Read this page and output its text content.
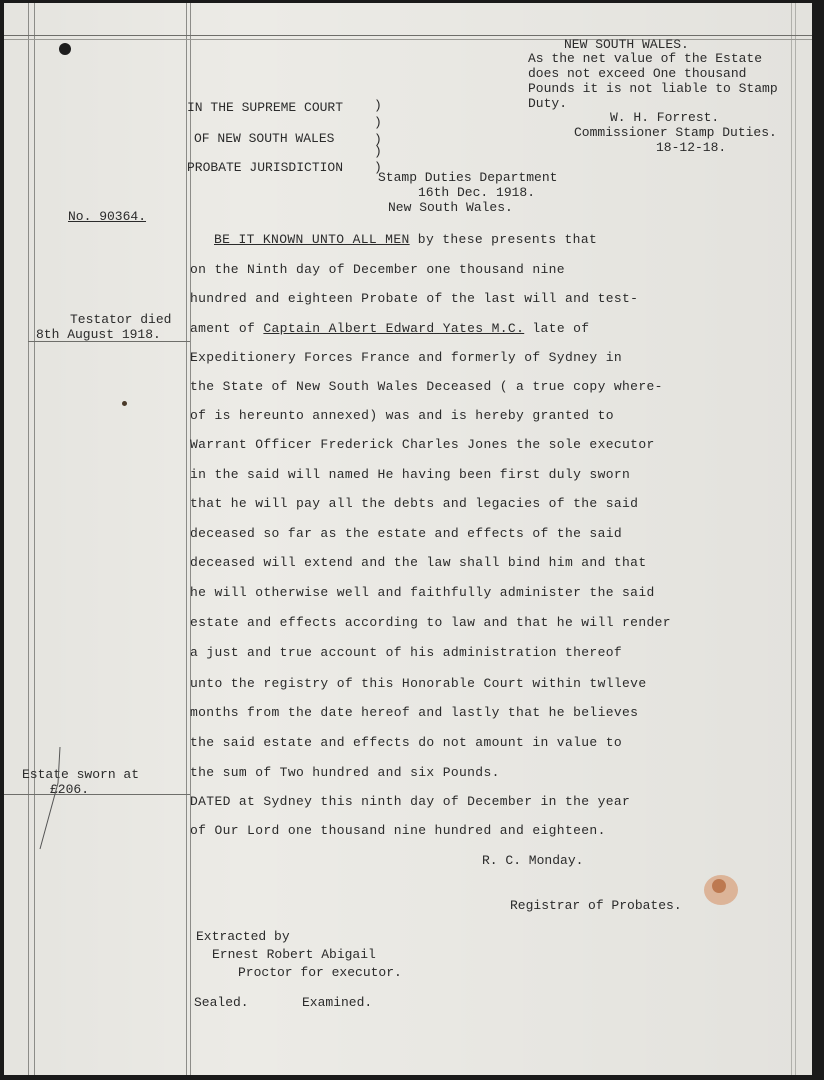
NEW SOUTH WALES.
As the net value of the Estate
does not exceed One thousand
Pounds it is not liable to Stamp
Duty.
W. H. Forrest.
Commissioner Stamp Duties.
18-12-18.
IN THE SUPREME COURT
OF NEW SOUTH WALES
PROBATE JURISDICTION
)
)
)
)
)
Stamp Duties Department
16th Dec. 1918.
New South Wales.
No. 90364.
Testator died
8th August 1918.
Estate sworn at
£206.
BE IT KNOWN UNTO ALL MEN by these presents that
on the Ninth day of December one thousand nine
hundred and eighteen Probate of the last will and test-
ament of Captain Albert Edward Yates M.C. late of
Expeditionery Forces France and formerly of Sydney in
the State of New South Wales Deceased ( a true copy where-
of is hereunto annexed) was and is hereby granted to
Warrant Officer Frederick Charles Jones the sole executor
in the said will named He having been first duly sworn
that he will pay all the debts and legacies of the said
deceased so far as the estate and effects of the said
deceased will extend and the law shall bind him and that
he will otherwise well and faithfully administer the said
estate and effects according to law and that he will render
a just and true account of his administration thereof
unto the registry of this Honorable Court within twlleve
months from the date hereof and lastly that he believes
the said estate and effects do not amount in value to
the sum of Two hundred and six Pounds.
DATED at Sydney this ninth day of December in the year
of Our Lord one thousand nine hundred and eighteen.
R. C. Monday.
Registrar of Probates.
Extracted by
Ernest Robert Abigail
Proctor for executor.
Sealed.	Examined.
